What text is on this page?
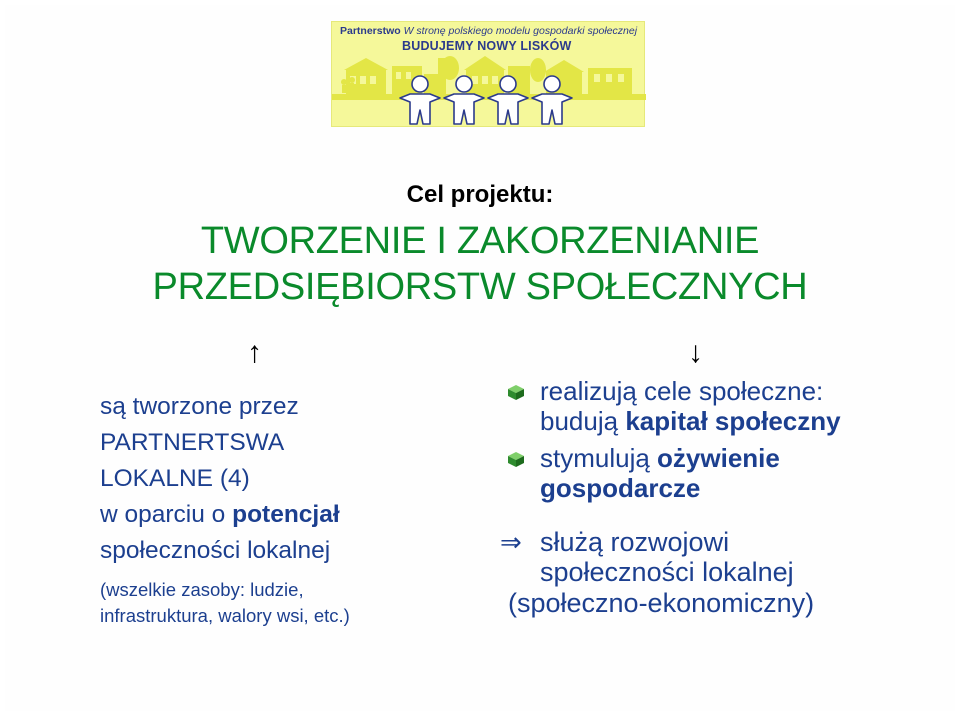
Partnerstwo W stronę polskiego modelu gospodarki społecznej
BUDUJEMY NOWY LISKÓW
Cel projektu:
TWORZENIE I ZAKORZENIANIE
PRZEDSIĘBIORSTW SPOŁECZNYCH
↑	↓
są tworzone przez
PARTNERTSWA
LOKALNE (4)
w oparciu o potencjał
społeczności lokalnej
(wszelkie zasoby: ludzie,
infrastruktura, walory wsi, etc.)
realizują cele społeczne:
budują kapitał społeczny
stymulują ożywienie
gospodarcze
⇒ służą rozwojowi
społeczności lokalnej
(społeczno-ekonomiczny)
